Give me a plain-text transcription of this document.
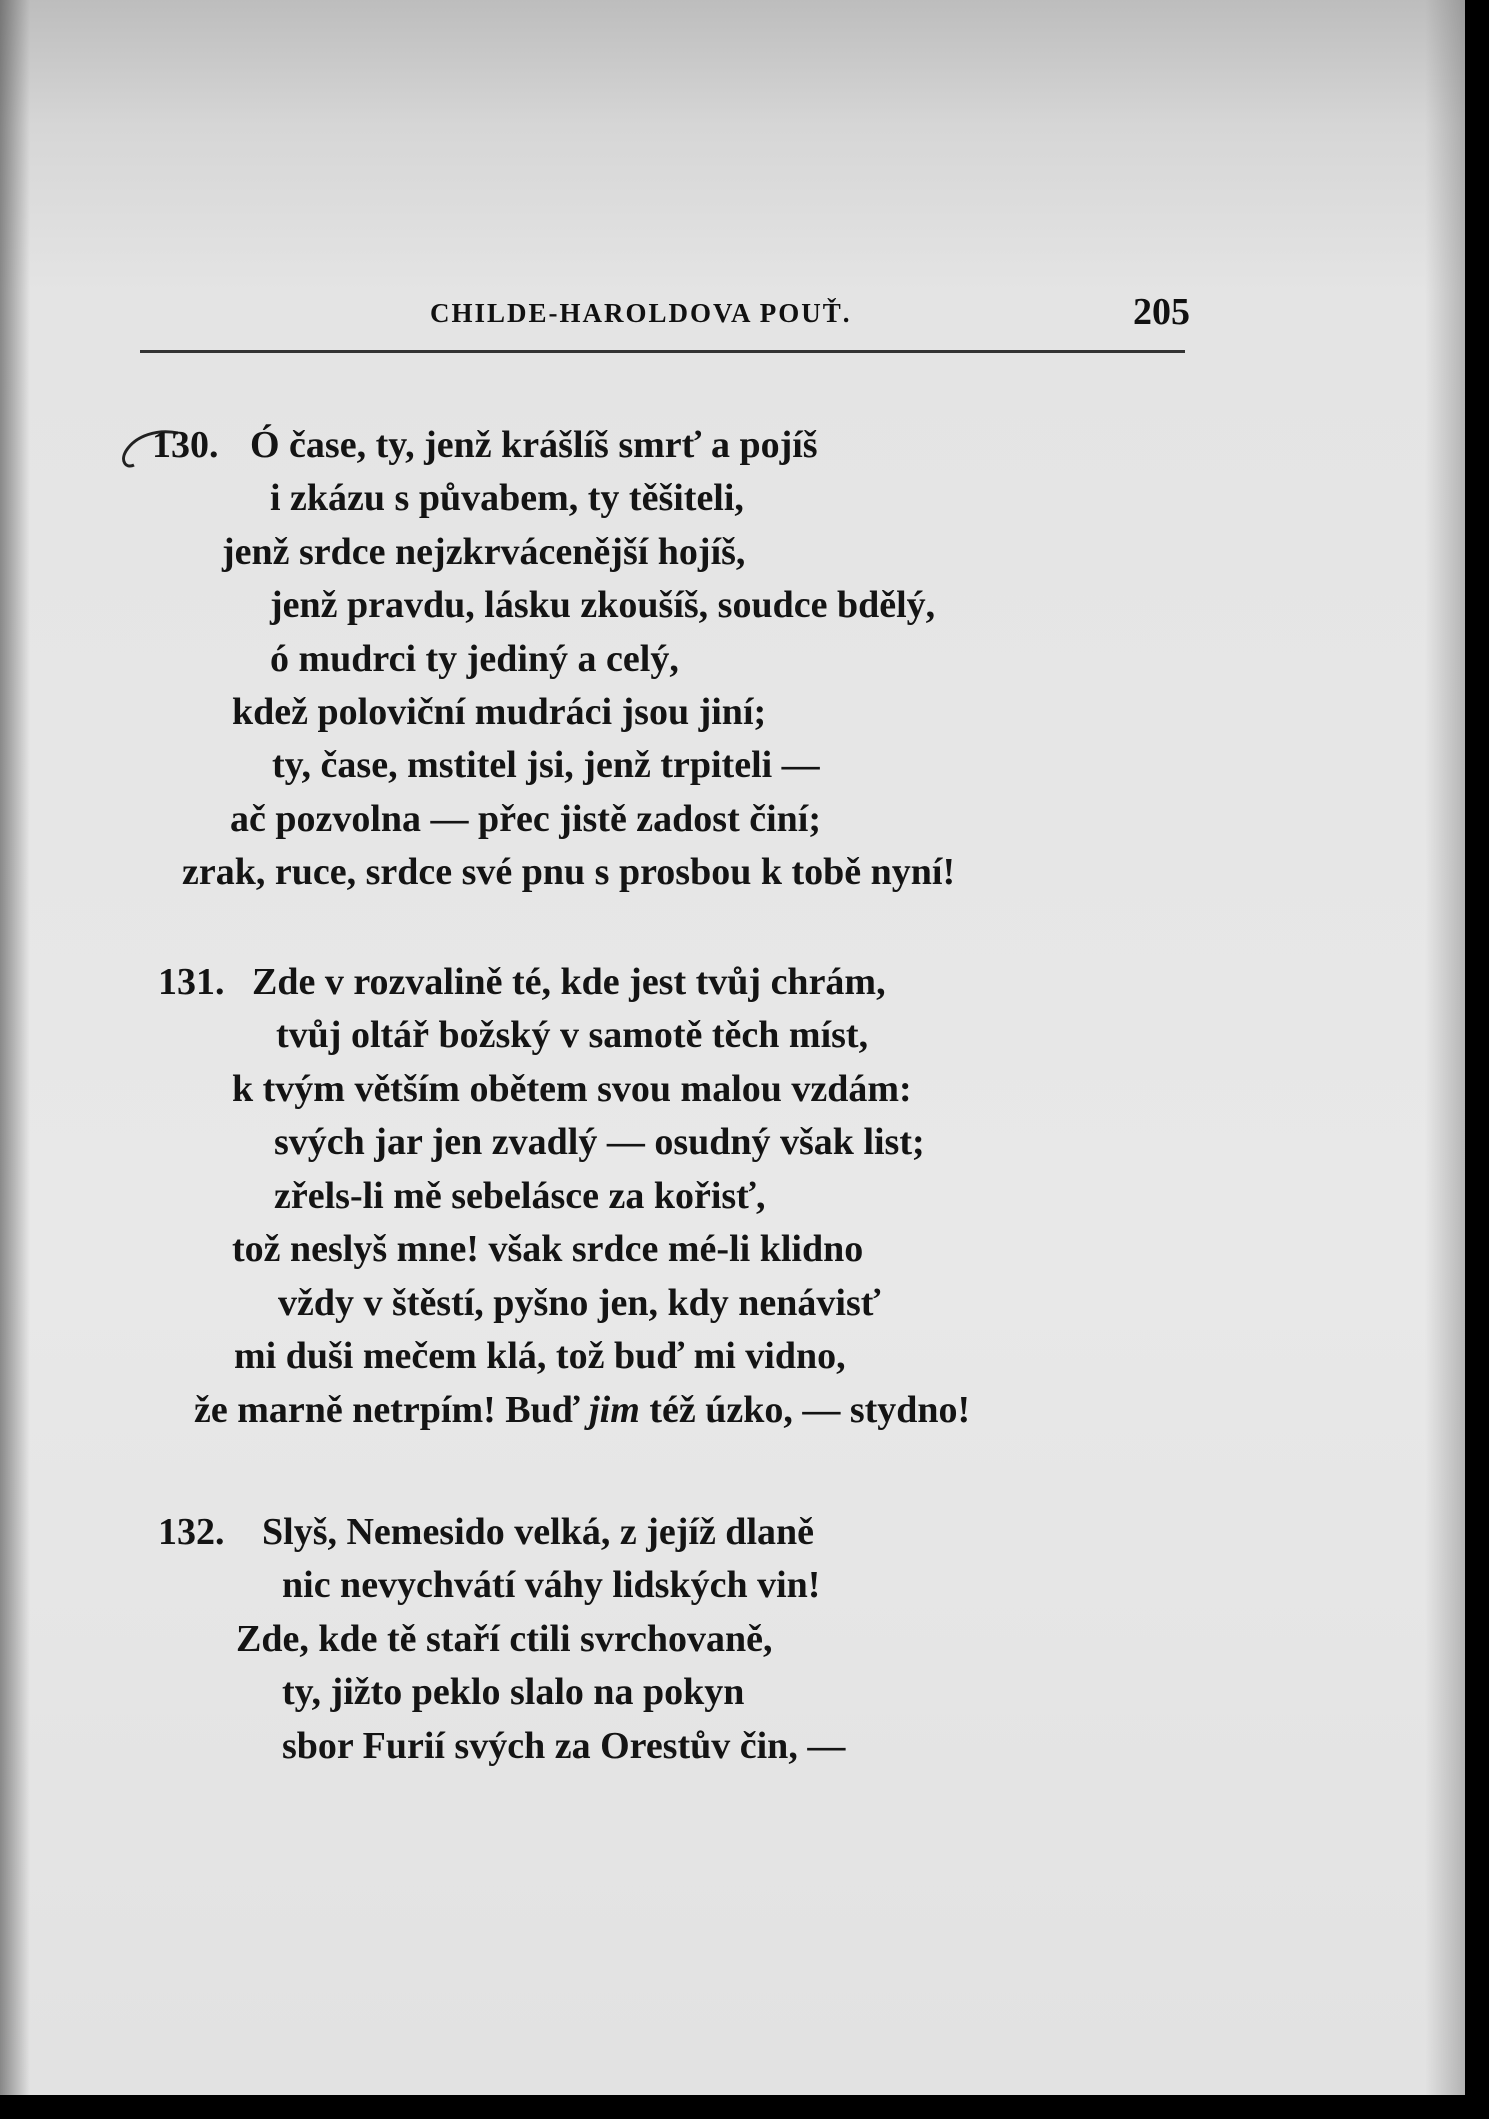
CHILDE-HAROLDOVA POUŤ.	205
130. Ó čase, ty, jenž krášlíš smrť a pojíš
i zkázu s půvabem, ty těšiteli,
jenž srdce nejzkrvácenější hojíš,
jenž pravdu, lásku zkoušíš, soudce bdělý,
ó mudrci ty jediný a celý,
kdež poloviční mudráci jsou jiní;
ty, čase, mstitel jsi, jenž trpiteli —
ač pozvolna — přec jistě zadost činí;
zrak, ruce, srdce své pnu s prosbou k tobě nyní!
131. Zde v rozvalině té, kde jest tvůj chrám,
tvůj oltář božský v samotě těch míst,
k tvým větším obětem svou malou vzdám:
svých jar jen zvadlý — osudný však list;
zřels-li mě sebelásce za kořisť,
tož neslyš mne! však srdce mé-li klidno
vždy v štěstí, pyšno jen, kdy nenávisť
mi duši mečem klá, tož buď mi vidno,
že marně netrpím! Buď jim též úzko, — stydno!
132. Slyš, Nemesido velká, z jejíž dlaně
nic nevychvátí váhy lidských vin!
Zde, kde tě staří ctili svrchovaně,
ty, jižto peklo slalo na pokyn
sbor Furií svých za Orestův čin, —
